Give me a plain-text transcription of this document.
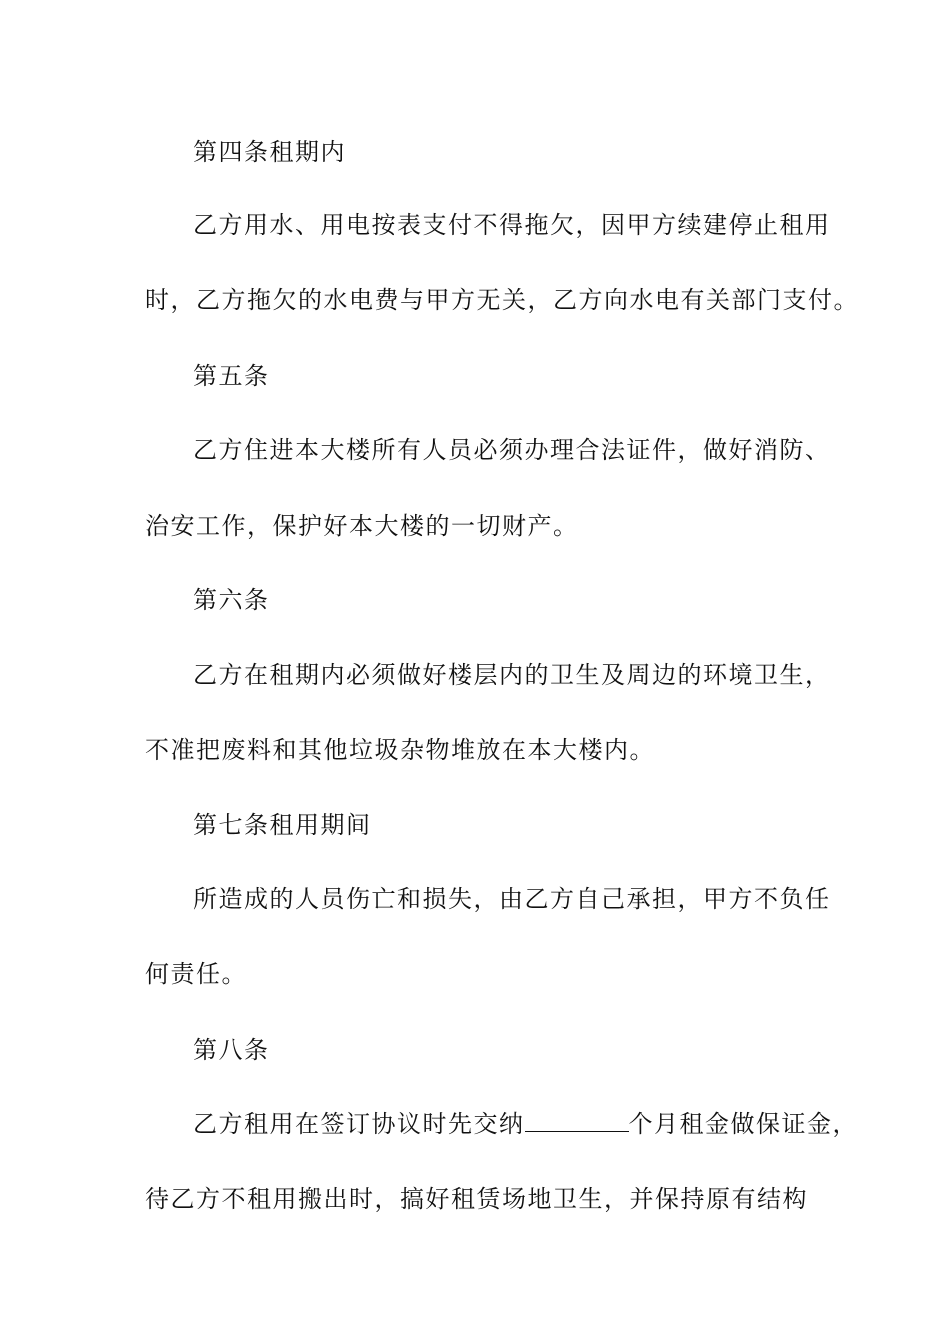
第四条租期内
乙方用水、用电按表支付不得拖欠，因甲方续建停止租用
时，乙方拖欠的水电费与甲方无关，乙方向水电有关部门支付。
第五条
乙方住进本大楼所有人员必须办理合法证件，做好消防、
治安工作，保护好本大楼的一切财产。
第六条
乙方在租期内必须做好楼层内的卫生及周边的环境卫生，
不准把废料和其他垃圾杂物堆放在本大楼内。
第七条租用期间
所造成的人员伤亡和损失，由乙方自己承担，甲方不负任
何责任。
第八条
乙方租用在签订协议时先交纳	个月租金做保证金，
待乙方不租用搬出时，搞好租赁场地卫生，并保持原有结构
